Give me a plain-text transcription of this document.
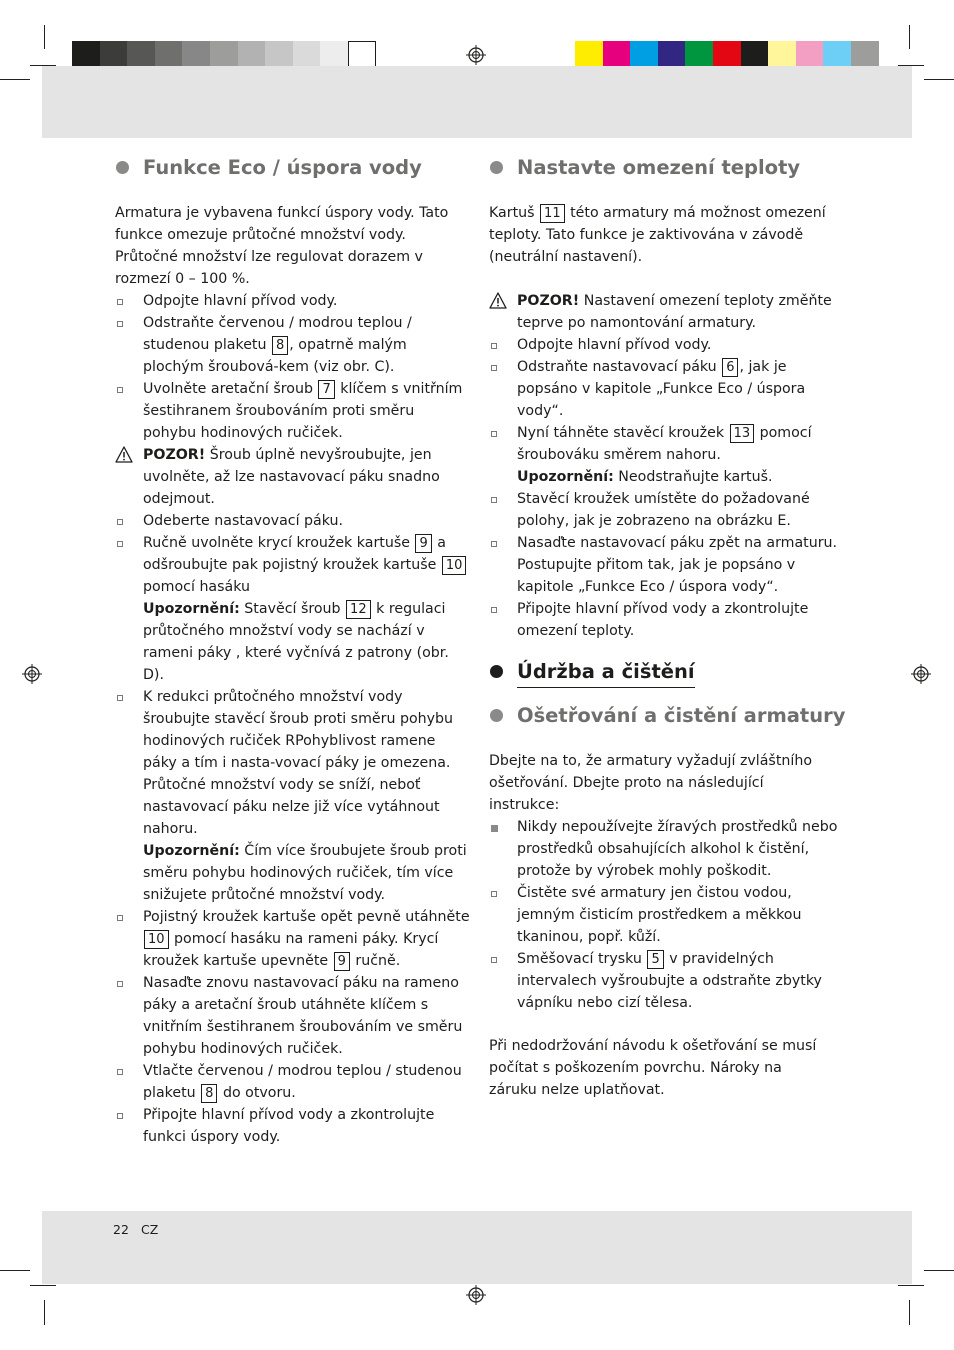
Funkce Eco / úspora vody
Armatura je vybavena funkcí úspory vody. Tato funkce omezuje průtočné množství vody. Průtočné množství lze regulovat dorazem v rozmezí 0 – 100 %.
Odpojte hlavní přívod vody.
Odstraňte červenou / modrou teplou / studenou plaketu 8 , opatrně malým plochým šroubová-kem (viz obr. C).
Uvolněte aretační šroub 7 klíčem s vnitřním šestihranem šroubováním proti směru pohybu hodinových ručiček.
POZOR! Šroub úplně nevyšroubujte, jen uvolněte, až lze nastavovací páku snadno odejmout.
Odeberte nastavovací páku.
Ručně uvolněte krycí kroužek kartuše 9 a odšroubujte pak pojistný kroužek kartuše 10 pomocí hasáku
Upozornění: Stavěcí šroub 12 k regulaci průtočného množství vody se nachází v rameni páky , které vyčnívá z patrony (obr. D).
K redukci průtočného množství vody šroubujte stavěcí šroub proti směru pohybu hodinových ručiček RPohyblivost ramene páky a tím i nasta-vovací páky je omezena. Průtočné množství vody se sníží, neboť nastavovací páku nelze již více vytáhnout nahoru.
Upozornění: Čím více šroubujete šroub proti směru pohybu hodinových ručiček, tím více snižujete průtočné množství vody.
Pojistný kroužek kartuše opět pevně utáhněte 10 pomocí hasáku na rameni páky. Krycí kroužek kartuše upevněte 9 ručně.
Nasaďte znovu nastavovací páku na rameno páky a aretační šroub utáhněte klíčem s vnitřním šestihranem šroubováním ve směru pohybu hodinových ručiček.
Vtlačte červenou / modrou teplou / studenou plaketu 8 do otvoru.
Připojte hlavní přívod vody a zkontrolujte funkci úspory vody.
Nastavte omezení teploty
Kartuš 11 této armatury má možnost omezení teploty. Tato funkce je zaktivována v závodě (neutrální nastavení).
POZOR! Nastavení omezení teploty změňte teprve po namontování armatury.
Odpojte hlavní přívod vody.
Odstraňte nastavovací páku 6 , jak je popsáno v kapitole „Funkce Eco / úspora vody“.
Nyní táhněte stavěcí kroužek 13 pomocí šroubováku směrem nahoru.
Upozornění: Neodstraňujte kartuš.
Stavěcí kroužek umístěte do požadované polohy, jak je zobrazeno na obrázku E.
Nasaďte nastavovací páku zpět na armaturu. Postupujte přitom tak, jak je popsáno v kapitole „Funkce Eco / úspora vody“.
Připojte hlavní přívod vody a zkontrolujte omezení teploty.
Údržba a čištění
Ošetřování a čistění armatury
Dbejte na to, že armatury vyžadují zvláštního ošetřování. Dbejte proto na následující instrukce:
Nikdy nepoužívejte žíravých prostředků nebo prostředků obsahujících alkohol k čistění, protože by výrobek mohly poškodit.
Čistěte své armatury jen čistou vodou, jemným čisticím prostředkem a měkkou tkaninou, popř. kůží.
Směšovací trysku 5 v pravidelných intervalech vyšroubujte a odstraňte zbytky vápníku nebo cizí tělesa.
Při nedodržování návodu k ošetřování se musí počítat s poškozením povrchu. Nároky na záruku nelze uplatňovat.
22 CZ
